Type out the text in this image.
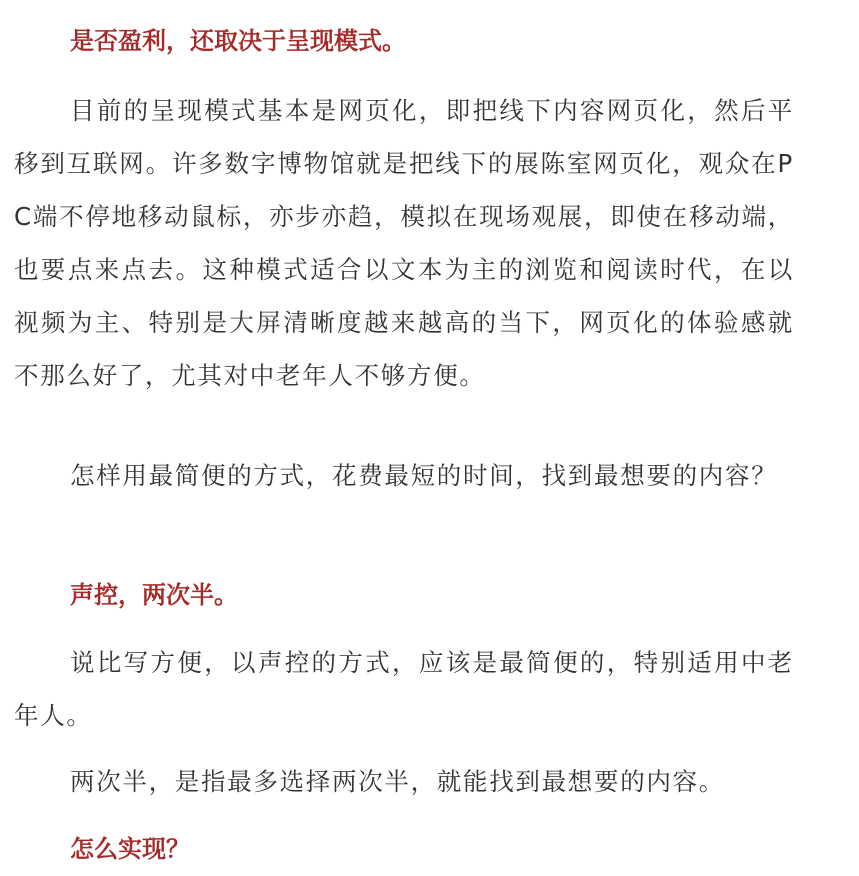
是否盈利，还取决于呈现模式。

目前的呈现模式基本是网页化，即把线下内容网页化，然后平移到互联网。许多数字博物馆就是把线下的展陈室网页化，观众在PC端不停地移动鼠标，亦步亦趋，模拟在现场观展，即使在移动端，也要点来点去。这种模式适合以文本为主的浏览和阅读时代，在以视频为主、特别是大屏清晰度越来越高的当下，网页化的体验感就不那么好了，尤其对中老年人不够方便。

怎样用最简便的方式，花费最短的时间，找到最想要的内容？

声控，两次半。

说比写方便，以声控的方式，应该是最简便的，特别适用中老年人。

两次半，是指最多选择两次半，就能找到最想要的内容。

怎么实现？
